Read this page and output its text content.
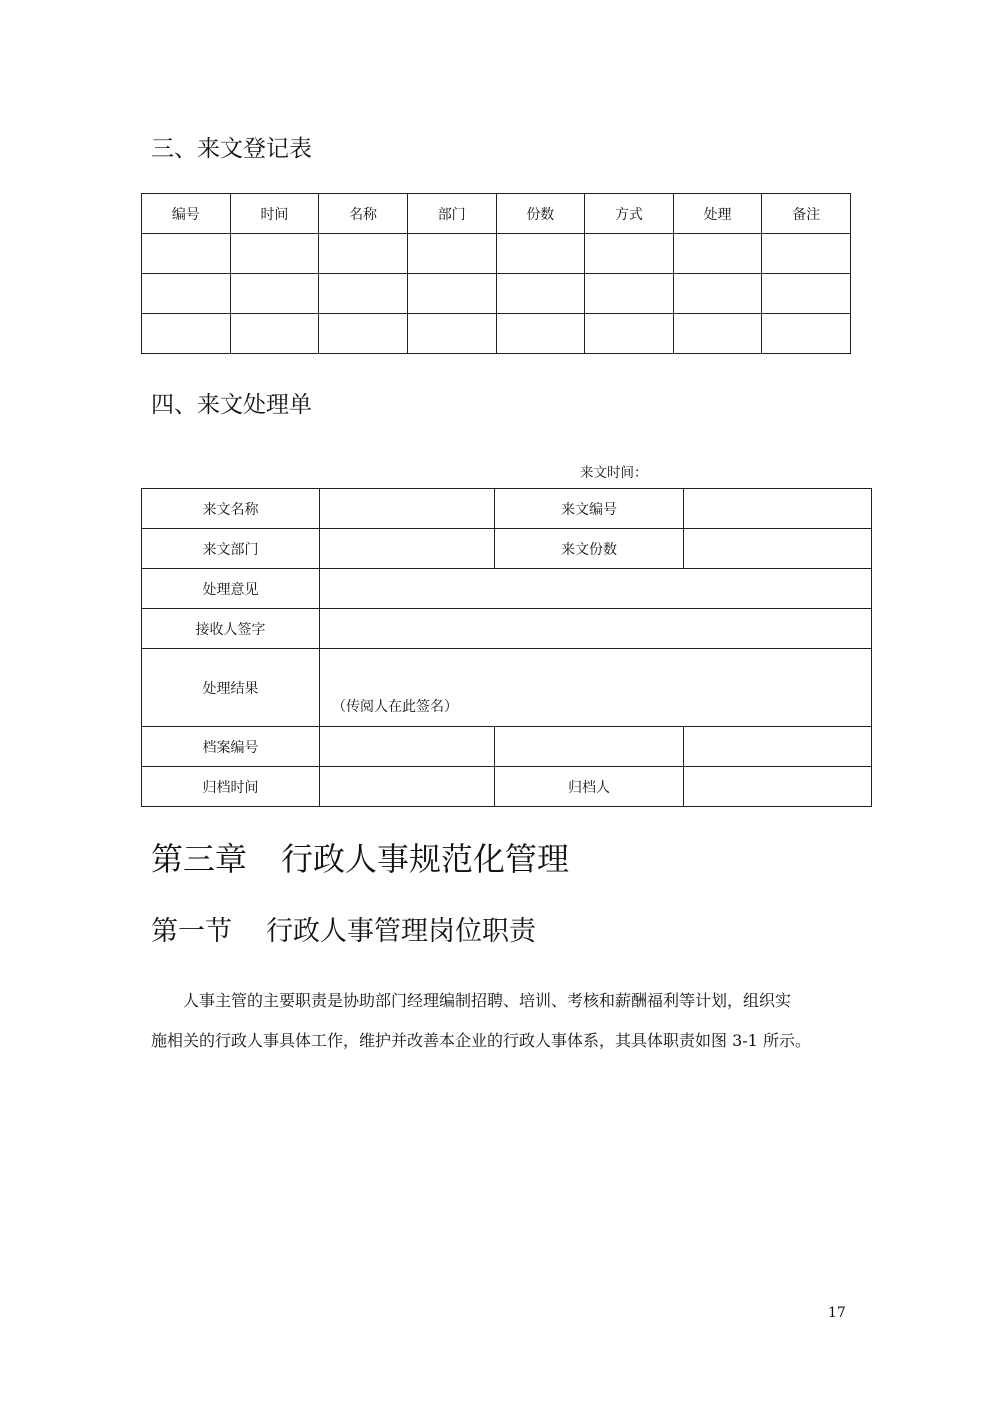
三、来文登记表
编号	时间	名称	部门	份数	方式	处理	备注

四、来文处理单
来文时间：
来文名称		来文编号	
来文部门		来文份数	
处理意见			
接收人签字			
处理结果	（传阅人在此签名）		
档案编号			
归档时间		归档人	
第三章 行政人事规范化管理
第一节 行政人事管理岗位职责

人事主管的主要职责是协助部门经理编制招聘、培训、考核和薪酬福利等计划，组织实
施相关的行政人事具体工作，维护并改善本企业的行政人事体系，其具体职责如图 3-1 所示。

17
